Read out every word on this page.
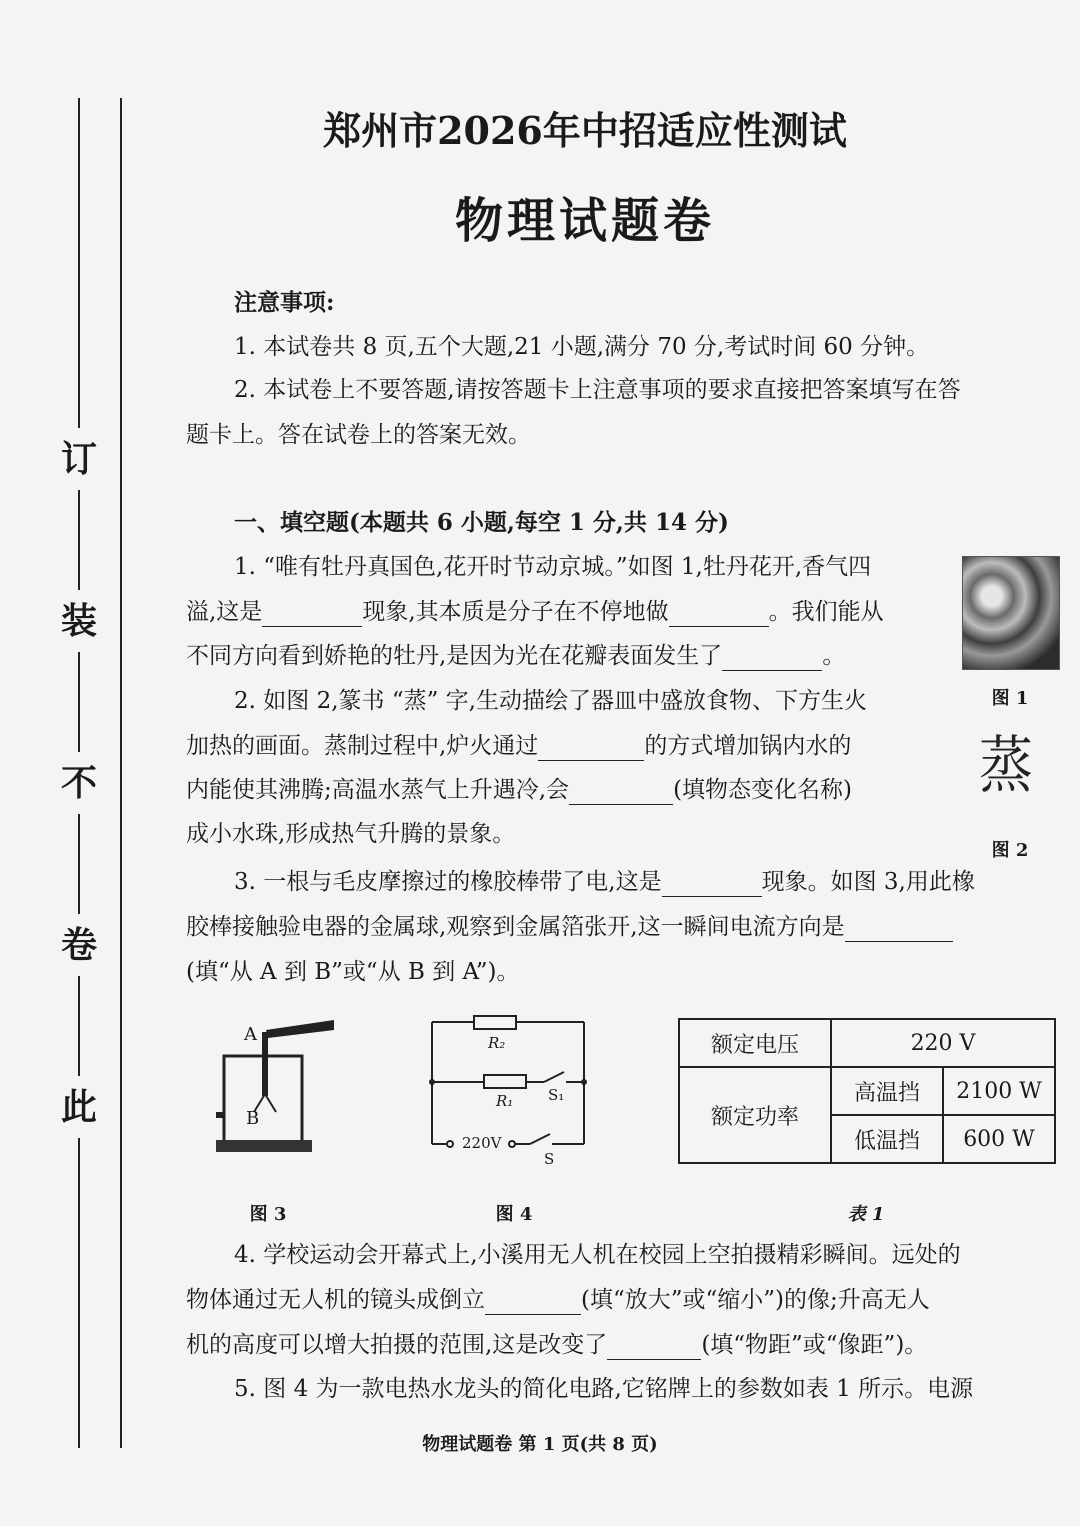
订
装
不
卷
此
郑州市2026年中招适应性测试
物理试题卷
注意事项:
1. 本试卷共 8 页,五个大题,21 小题,满分 70 分,考试时间 60 分钟。
2. 本试卷上不要答题,请按答题卡上注意事项的要求直接把答案填写在答
题卡上。答在试卷上的答案无效。
一、填空题(本题共 6 小题,每空 1 分,共 14 分)
1. “唯有牡丹真国色,花开时节动京城。”如图 1,牡丹花开,香气四
溢,这是	现象,其本质是分子在不停地做	。我们能从
不同方向看到娇艳的牡丹,是因为光在花瓣表面发生了	。
图 1
2. 如图 2,篆书 “蒸” 字,生动描绘了器皿中盛放食物、下方生火
加热的画面。蒸制过程中,炉火通过	的方式增加锅内水的
内能使其沸腾;高温水蒸气上升遇冷,会	(填物态变化名称)
成小水珠,形成热气升腾的景象。
蒸
图 2
3. 一根与毛皮摩擦过的橡胶棒带了电,这是	现象。如图 3,用此橡
胶棒接触验电器的金属球,观察到金属箔张开,这一瞬间电流方向是
(填“从 A 到 B”或“从 B 到 A”)。
A
B
图 3
R₂
R₁ S₁
220V
S
图 4
额定电压	220 V	
额定功率	高温挡	2100 W
	低温挡	600 W
表 1
4. 学校运动会开幕式上,小溪用无人机在校园上空拍摄精彩瞬间。远处的
物体通过无人机的镜头成倒立	(填“放大”或“缩小”)的像;升高无人
机的高度可以增大拍摄的范围,这是改变了	(填“物距”或“像距”)。
5. 图 4 为一款电热水龙头的简化电路,它铭牌上的参数如表 1 所示。电源
物理试题卷 第 1 页(共 8 页)
